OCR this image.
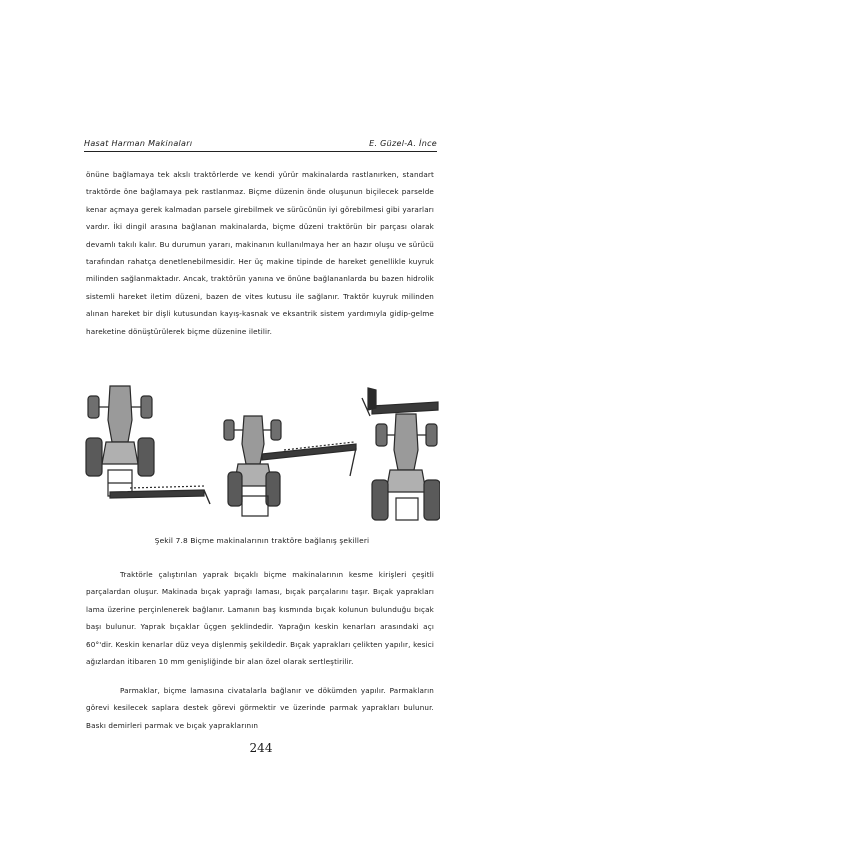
Hasat Harman Makinaları	E. Güzel-A. İnce

önüne bağlamaya tek akslı traktörlerde ve kendi yürür makinalarda rastlanırken, standart traktörde öne bağlamaya pek rastlanmaz. Biçme düzenin önde oluşunun biçilecek parselde kenar açmaya gerek kalmadan parsele girebilmek ve sürücünün iyi görebilmesi gibi yararları vardır. İki dingil arasına bağlanan makinalarda, biçme düzeni traktörün bir parçası olarak devamlı takılı kalır. Bu durumun yararı, makinanın kullanılmaya her an hazır oluşu ve sürücü tarafından rahatça denetlenebilmesidir. Her üç makine tipinde de hareket genellikle kuyruk milinden sağlanmaktadır. Ancak, traktörün yanına ve önüne bağlananlarda bu bazen hidrolik sistemli hareket iletim düzeni, bazen de vites kutusu ile sağlanır. Traktör kuyruk milinden alınan hareket bir dişli kutusundan kayış-kasnak ve eksantrik sistem yardımıyla gidip-gelme hareketine dönüştürülerek biçme düzenine iletilir.

Şekil 7.8 Biçme makinalarının traktöre bağlanış şekilleri

Traktörle çalıştırılan yaprak bıçaklı biçme makinalarının kesme kirişleri çeşitli parçalardan oluşur. Makinada bıçak yaprağı laması, bıçak parçalarını taşır. Bıçak yaprakları lama üzerine perçinlenerek bağlanır. Lamanın baş kısmında bıçak kolunun bulunduğu bıçak başı bulunur. Yaprak bıçaklar üçgen şeklindedir. Yaprağın keskin kenarları arasındaki açı 60°'dir. Keskin kenarlar düz veya dişlenmiş şekildedir. Bıçak yaprakları çelikten yapılır, kesici ağızlardan itibaren 10 mm genişliğinde bir alan özel olarak sertleştirilir.

Parmaklar, biçme lamasına civatalarla bağlanır ve dökümden yapılır. Parmakların görevi kesilecek saplara destek görevi görmektir ve üzerinde parmak yaprakları bulunur. Baskı demirleri parmak ve bıçak yapraklarının

244
